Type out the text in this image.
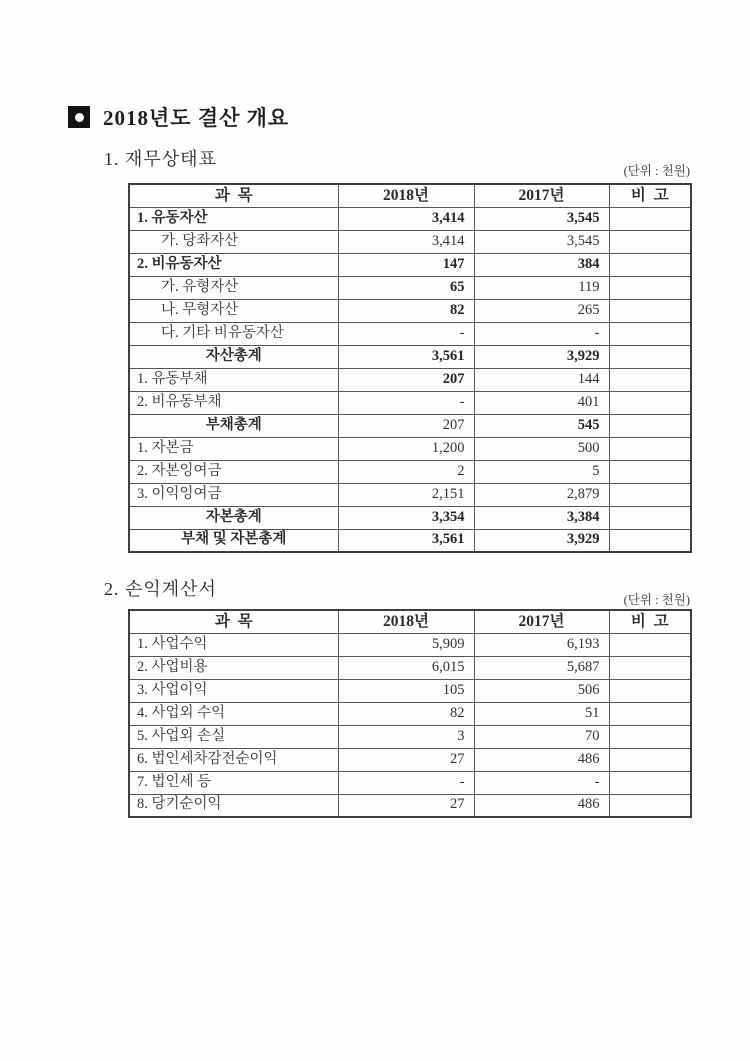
2018년도 결산 개요
1. 재무상태표
(단위 : 천원)
과  목	2018년	2017년	비  고
1. 유동자산	3,414	3,545	
가. 당좌자산	3,414	3,545	
2. 비유동자산	147	384	
가. 유형자산	65	119	
나. 무형자산	82	265	
다. 기타 비유동자산	-	-	
자산총계	3,561	3,929	
1. 유동부채	207	144	
2. 비유동부채	-	401	
부채총계	207	545	
1. 자본금	1,200	500	
2. 자본잉여금	2	5	
3. 이익잉여금	2,151	2,879	
자본총계	3,354	3,384	
부채 및 자본총계	3,561	3,929	
2. 손익계산서
(단위 : 천원)
과  목	2018년	2017년	비  고
1. 사업수익	5,909	6,193	
2. 사업비용	6,015	5,687	
3. 사업이익	105	506	
4. 사업외 수익	82	51	
5. 사업외 손실	3	70	
6. 법인세차감전순이익	27	486	
7. 법인세 등	-	-	
8. 당기순이익	27	486	
